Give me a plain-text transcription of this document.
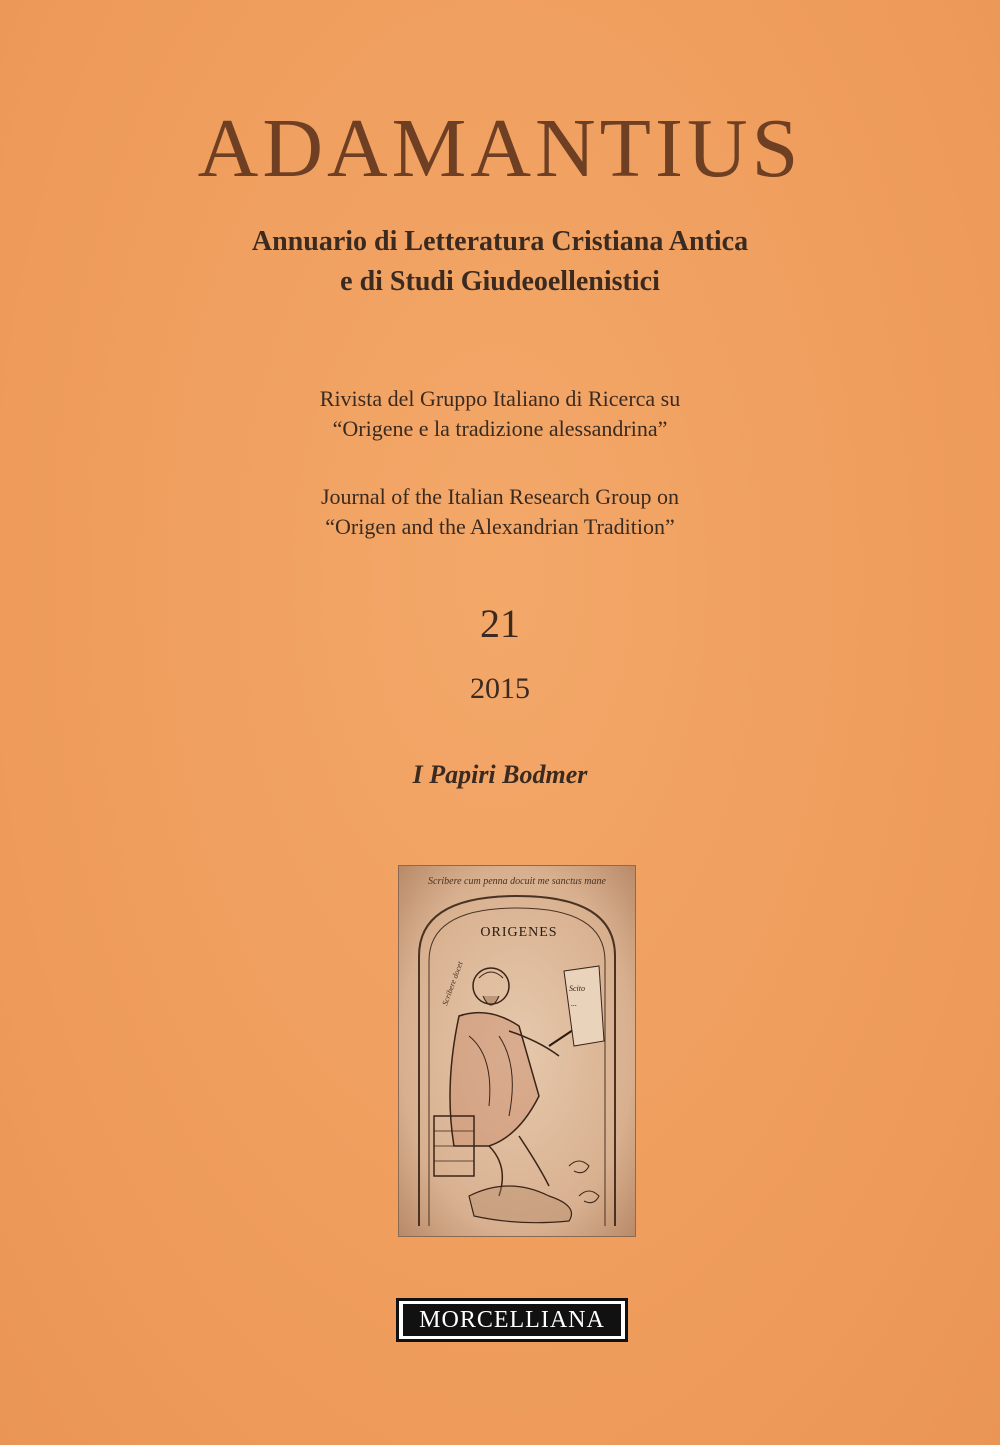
ADAMANTIUS
Annuario di Letteratura Cristiana Antica
e di Studi Giudeoellenistici
Rivista del Gruppo Italiano di Ricerca su
“Origene e la tradizione alessandrina”
Journal of the Italian Research Group on
“Origen and the Alexandrian Tradition”
21
2015
I Papiri Bodmer
Scribere cum penna docuit me sanctus mane
ORIGENES
Scito
...
Scribere docet
MORCELLIANA
